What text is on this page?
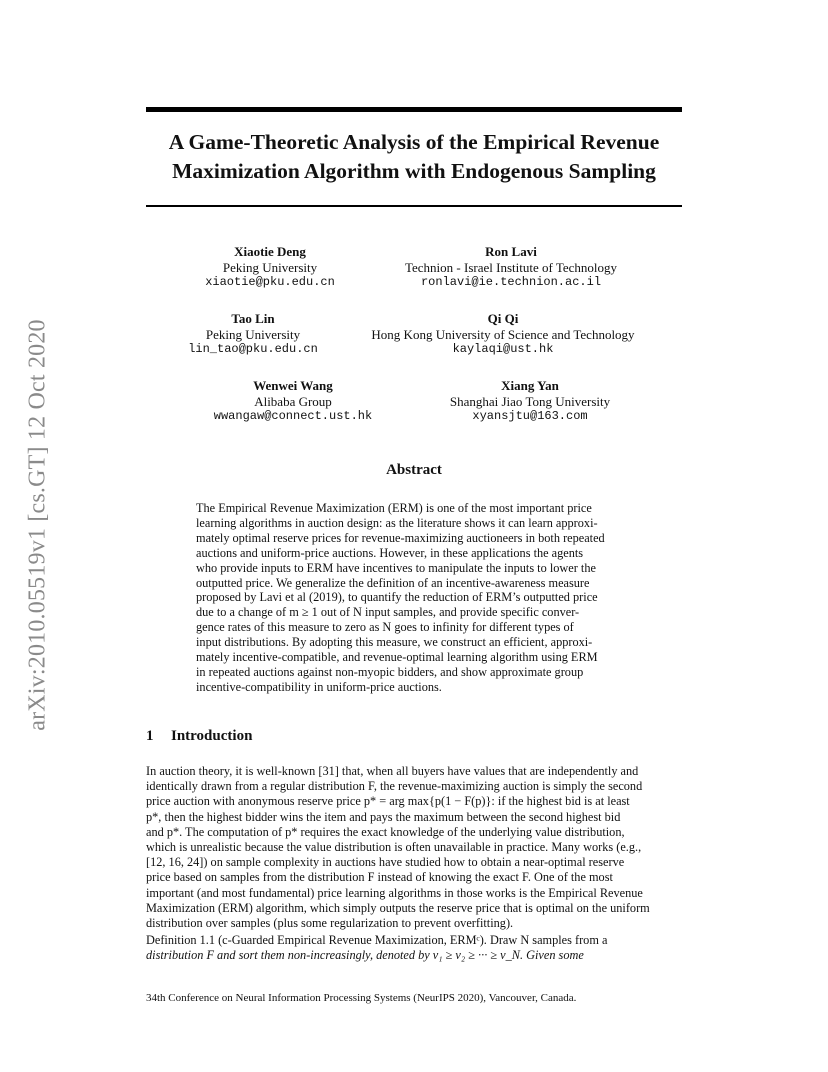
arXiv:2010.05519v1 [cs.GT] 12 Oct 2020
A Game-Theoretic Analysis of the Empirical Revenue
Maximization Algorithm with Endogenous Sampling
Xiaotie Deng
Peking University
xiaotie@pku.edu.cn
Ron Lavi
Technion - Israel Institute of Technology
ronlavi@ie.technion.ac.il
Tao Lin
Peking University
lin_tao@pku.edu.cn
Qi Qi
Hong Kong University of Science and Technology
kaylaqi@ust.hk
Wenwei Wang
Alibaba Group
wwangaw@connect.ust.hk
Xiang Yan
Shanghai Jiao Tong University
xyansjtu@163.com
Abstract
The Empirical Revenue Maximization (ERM) is one of the most important price
learning algorithms in auction design: as the literature shows it can learn approxi-
mately optimal reserve prices for revenue-maximizing auctioneers in both repeated
auctions and uniform-price auctions. However, in these applications the agents
who provide inputs to ERM have incentives to manipulate the inputs to lower the
outputted price. We generalize the definition of an incentive-awareness measure
proposed by Lavi et al (2019), to quantify the reduction of ERM’s outputted price
due to a change of m ≥ 1 out of N input samples, and provide specific conver-
gence rates of this measure to zero as N goes to infinity for different types of
input distributions. By adopting this measure, we construct an efficient, approxi-
mately incentive-compatible, and revenue-optimal learning algorithm using ERM
in repeated auctions against non-myopic bidders, and show approximate group
incentive-compatibility in uniform-price auctions.
1 Introduction
In auction theory, it is well-known [31] that, when all buyers have values that are independently and
identically drawn from a regular distribution F, the revenue-maximizing auction is simply the second
price auction with anonymous reserve price p* = arg max{p(1 − F(p)}: if the highest bid is at least
p*, then the highest bidder wins the item and pays the maximum between the second highest bid
and p*. The computation of p* requires the exact knowledge of the underlying value distribution,
which is unrealistic because the value distribution is often unavailable in practice. Many works (e.g.,
[12, 16, 24]) on sample complexity in auctions have studied how to obtain a near-optimal reserve
price based on samples from the distribution F instead of knowing the exact F. One of the most
important (and most fundamental) price learning algorithms in those works is the Empirical Revenue
Maximization (ERM) algorithm, which simply outputs the reserve price that is optimal on the uniform
distribution over samples (plus some regularization to prevent overfitting).
Definition 1.1 (c-Guarded Empirical Revenue Maximization, ERMᶜ). Draw N samples from a
distribution F and sort them non-increasingly, denoted by v₁ ≥ v₂ ≥ ··· ≥ v_N. Given some
34th Conference on Neural Information Processing Systems (NeurIPS 2020), Vancouver, Canada.
